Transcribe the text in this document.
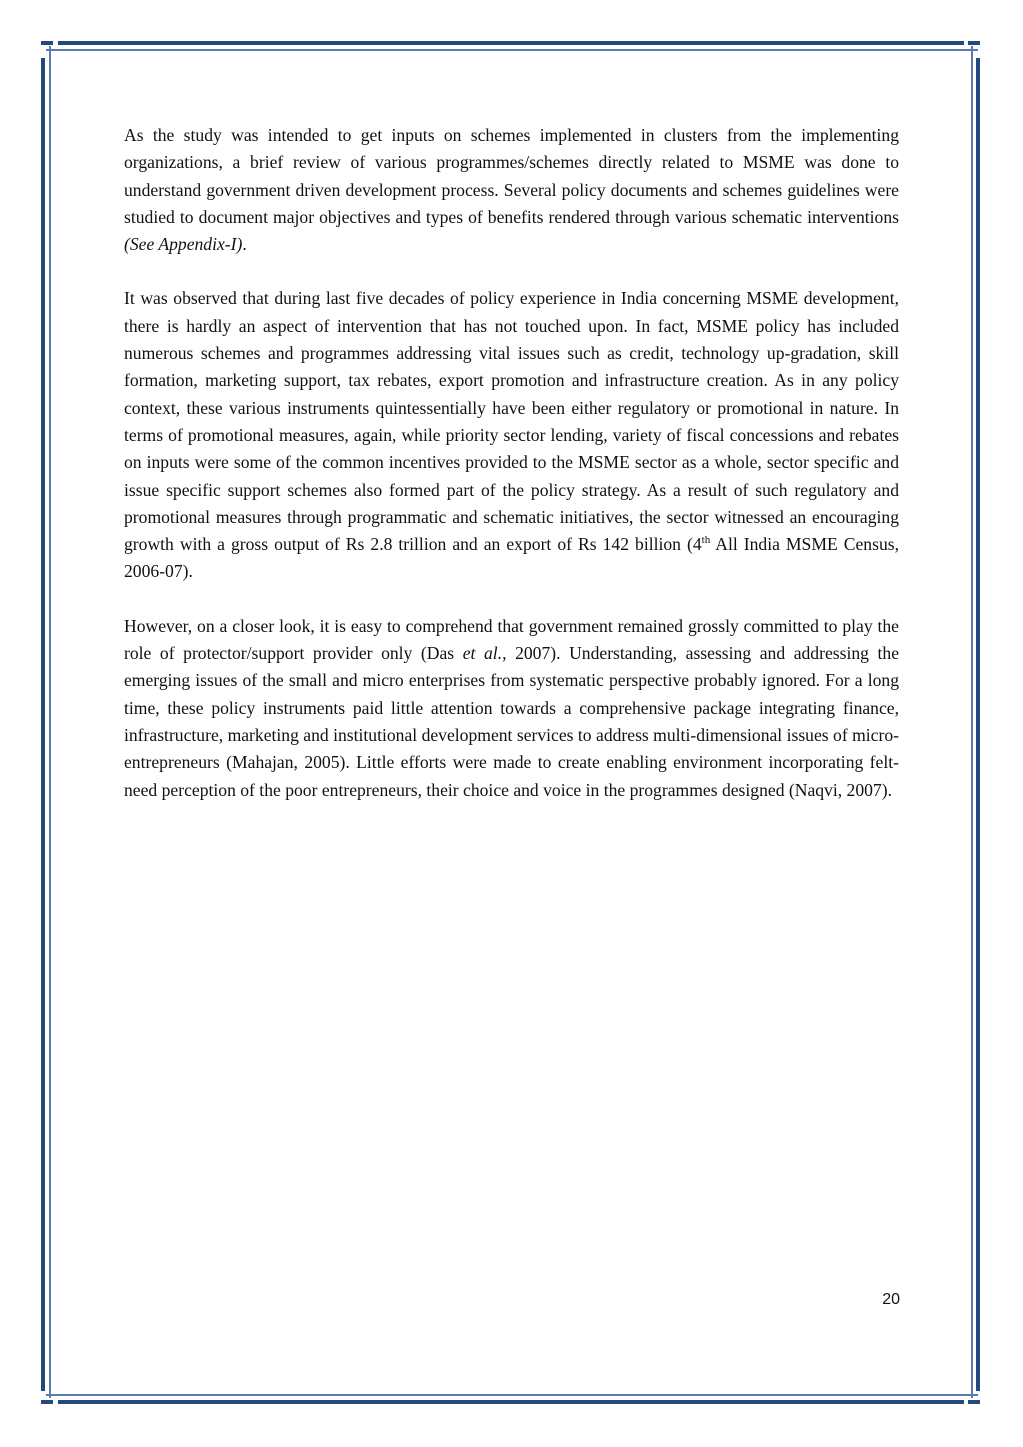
As the study was intended to get inputs on schemes implemented in clusters from the implementing organizations, a brief review of various programmes/schemes directly related to MSME was done to understand government driven development process. Several policy documents and schemes guidelines were studied to document major objectives and types of benefits rendered through various schematic interventions (See Appendix-I).

It was observed that during last five decades of policy experience in India concerning MSME development, there is hardly an aspect of intervention that has not touched upon. In fact, MSME policy has included numerous schemes and programmes addressing vital issues such as credit, technology up-gradation, skill formation, marketing support, tax rebates, export promotion and infrastructure creation. As in any policy context, these various instruments quintessentially have been either regulatory or promotional in nature. In terms of promotional measures, again, while priority sector lending, variety of fiscal concessions and rebates on inputs were some of the common incentives provided to the MSME sector as a whole, sector specific and issue specific support schemes also formed part of the policy strategy. As a result of such regulatory and promotional measures through programmatic and schematic initiatives, the sector witnessed an encouraging growth with a gross output of Rs 2.8 trillion and an export of Rs 142 billion (4th All India MSME Census, 2006-07).

However, on a closer look, it is easy to comprehend that government remained grossly committed to play the role of protector/support provider only (Das et al., 2007). Understanding, assessing and addressing the emerging issues of the small and micro enterprises from systematic perspective probably ignored. For a long time, these policy instruments paid little attention towards a comprehensive package integrating finance, infrastructure, marketing and institutional development services to address multi-dimensional issues of micro-entrepreneurs (Mahajan, 2005). Little efforts were made to create enabling environment incorporating felt-need perception of the poor entrepreneurs, their choice and voice in the programmes designed (Naqvi, 2007).

20
